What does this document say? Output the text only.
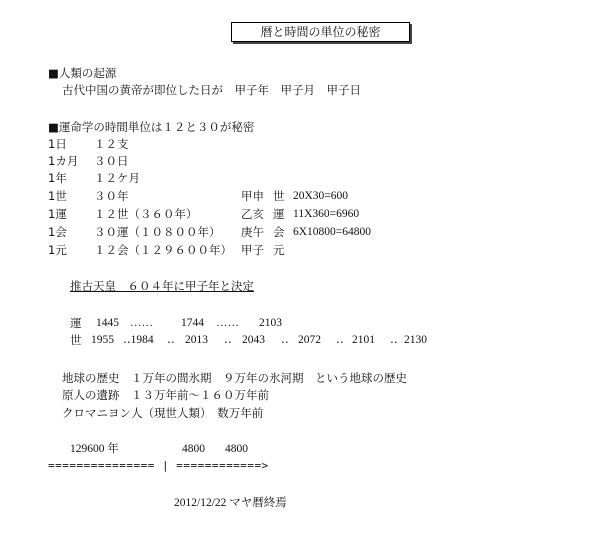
暦と時間の単位の秘密
■人類の起源
古代中国の黄帝が即位した日が　甲子年　甲子月　甲子日
■運命学の時間単位は１２と３０が秘密
1日 １２支
1カ月 ３０日
1年 １２ケ月
1世 ３０年	甲申 世 20X30=600
1運 １２世（３６０年）	乙亥 運 11X360=6960
1会 ３０運（１０８００年） 庚午 会 6X10800=64800
1元 １２会（１２９６００年） 甲子 元
推古天皇　６０４年に甲子年と決定
運 1445 …… 1744 …… 2103
世 1955 ‥1984 ‥ 2013 ‥ 2043 ‥ 2072 ‥ 2101 ‥ 2130
地球の歴史　１万年の間氷期　９万年の氷河期　という地球の歴史
原人の遺跡　１３万年前～１６０万年前
クロマニヨン人（現世人類）　数万年前
129600 年	4800 4800
=============== | ============>
2012/12/22 マヤ暦終焉
